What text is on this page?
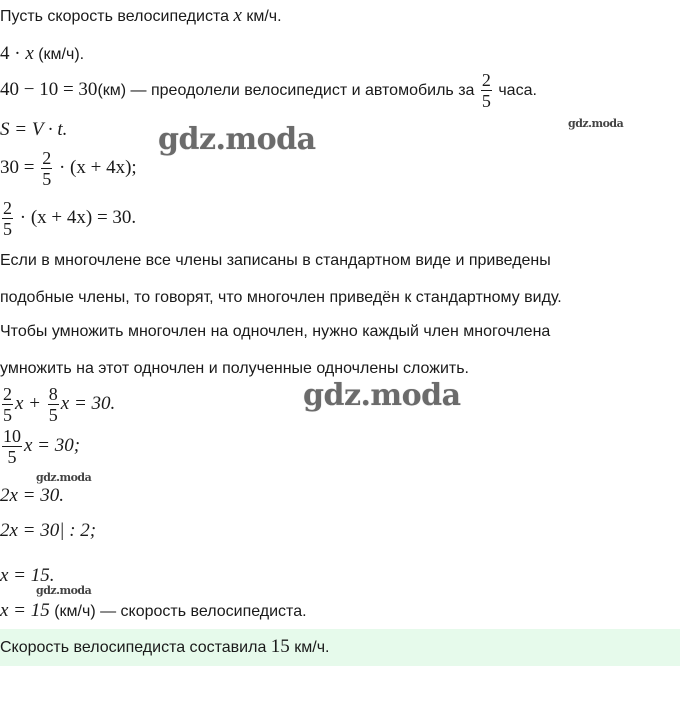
Пусть скорость велосипедиста x км/ч.
4 · x (км/ч).
40 − 10 = 30(км) — преодолели велосипедист и автомобиль за $\frac{2}{5}$ часа.
S = V · t.
$30 = \frac{2}{5} \cdot (x + 4x)$;
$\frac{2}{5} \cdot (x + 4x) = 30$.
Если в многочлене все члены записаны в стандартном виде и приведены
подобные члены, то говорят, что многочлен приведён к стандартному виду.
Чтобы умножить многочлен на одночлен, нужно каждый член многочлена
умножить на этот одночлен и полученные одночлены сложить.
$\frac{2}{5}$ $x + \frac{8}{5}$ x = 30.
$\frac{10}{5}$ x = 30;
2x = 30.
2x = 30| : 2;
x = 15.
x = 15 (км/ч) — скорость велосипедиста.
Скорость велосипедиста составила 15 км/ч.
gdz.moda
gdz.moda
gdz.moda
gdz.moda
gdz.moda
